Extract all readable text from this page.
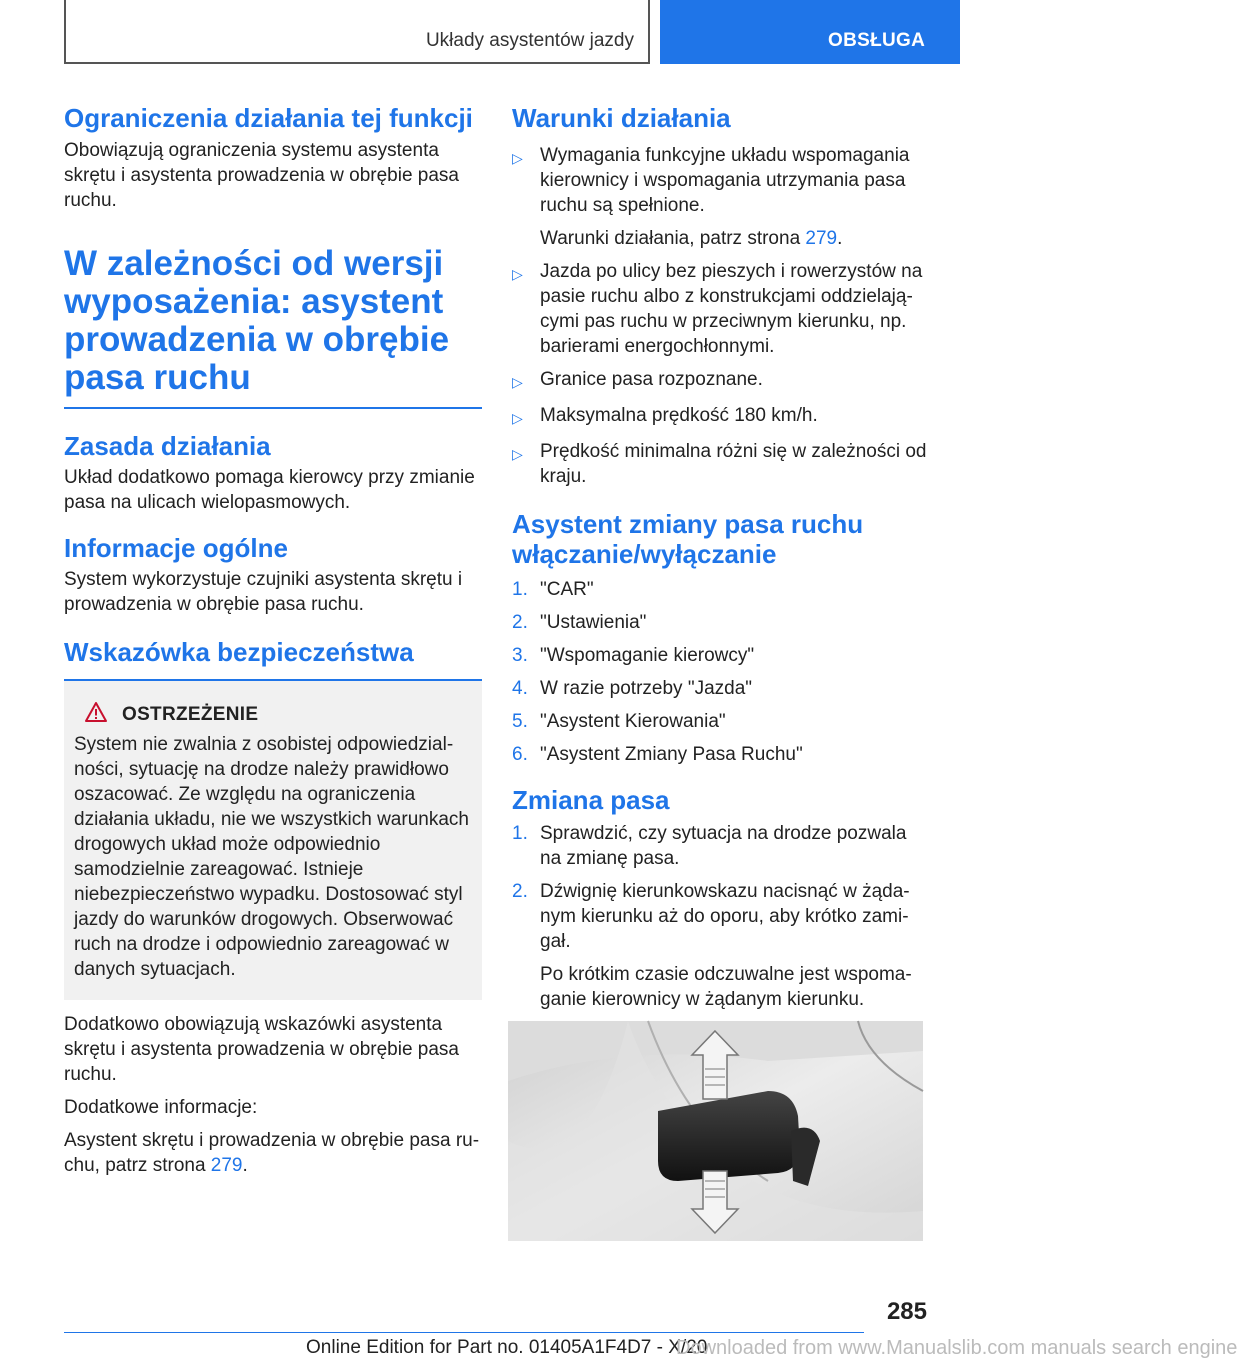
Układy asystentów jazdy	OBSŁUGA
Ograniczenia działania tej funkcji

Obowiązują ograniczenia systemu asystenta skrętu i asystenta prowadzenia w obrębie pasa ruchu.

W zależności od wersji
wyposażenia: asystent
prowadzenia w obrębie
pasa ruchu
Zasada działania

Układ dodatkowo pomaga kierowcy przy zmianie pasa na ulicach wielopasmowych.

Informacje ogólne

System wykorzystuje czujniki asystenta skrętu i prowadzenia w obrębie pasa ruchu.

Wskazówka bezpieczeństwa
OSTRZEŻENIE

System nie zwalnia z osobistej odpowiedzialności, sytuację na drodze należy prawidłowo oszacować. Ze względu na ograniczenia działania układu, nie we wszystkich warunkach drogowych układ może odpowiednio samodzielnie zareagować. Istnieje niebezpieczeństwo wypadku. Dostosować styl jazdy do warunków drogowych. Obserwować ruch na drodze i odpowiednio zareagować w danych sytuacjach.

Dodatkowo obowiązują wskazówki asystenta skrętu i asystenta prowadzenia w obrębie pasa ruchu.

Dodatkowe informacje:

Asystent skrętu i prowadzenia w obrębie pasa ruchu, patrz strona 279.

Warunki działania
▷ Wymagania funkcyjne układu wspomagania kierownicy i wspomagania utrzymania pasa ruchu są spełnione.
Warunki działania, patrz strona 279.
▷ Jazda po ulicy bez pieszych i rowerzystów na pasie ruchu albo z konstrukcjami oddzielającymi pas ruchu w przeciwnym kierunku, np. barierami energochłonnymi.
▷ Granice pasa rozpoznane.
▷ Maksymalna prędkość 180 km/h.
▷ Prędkość minimalna różni się w zależności od kraju.
Asystent zmiany pasa ruchu
włączanie/wyłączanie
1. "CAR"
2. "Ustawienia"
3. "Wspomaganie kierowcy"
4. W razie potrzeby "Jazda"
5. "Asystent Kierowania"
6. "Asystent Zmiany Pasa Ruchu"
Zmiana pasa
1. Sprawdzić, czy sytuacja na drodze pozwala na zmianę pasa.
2. Dźwignię kierunkowskazu nacisnąć w żądanym kierunku aż do oporu, aby krótko zamigał.
Po krótkim czasie odczuwalne jest wspomaganie kierownicy w żądanym kierunku.
285
Online Edition for Part no. 01405A1F4D7 - X/20
Downloaded from www.Manualslib.com manuals search engine
